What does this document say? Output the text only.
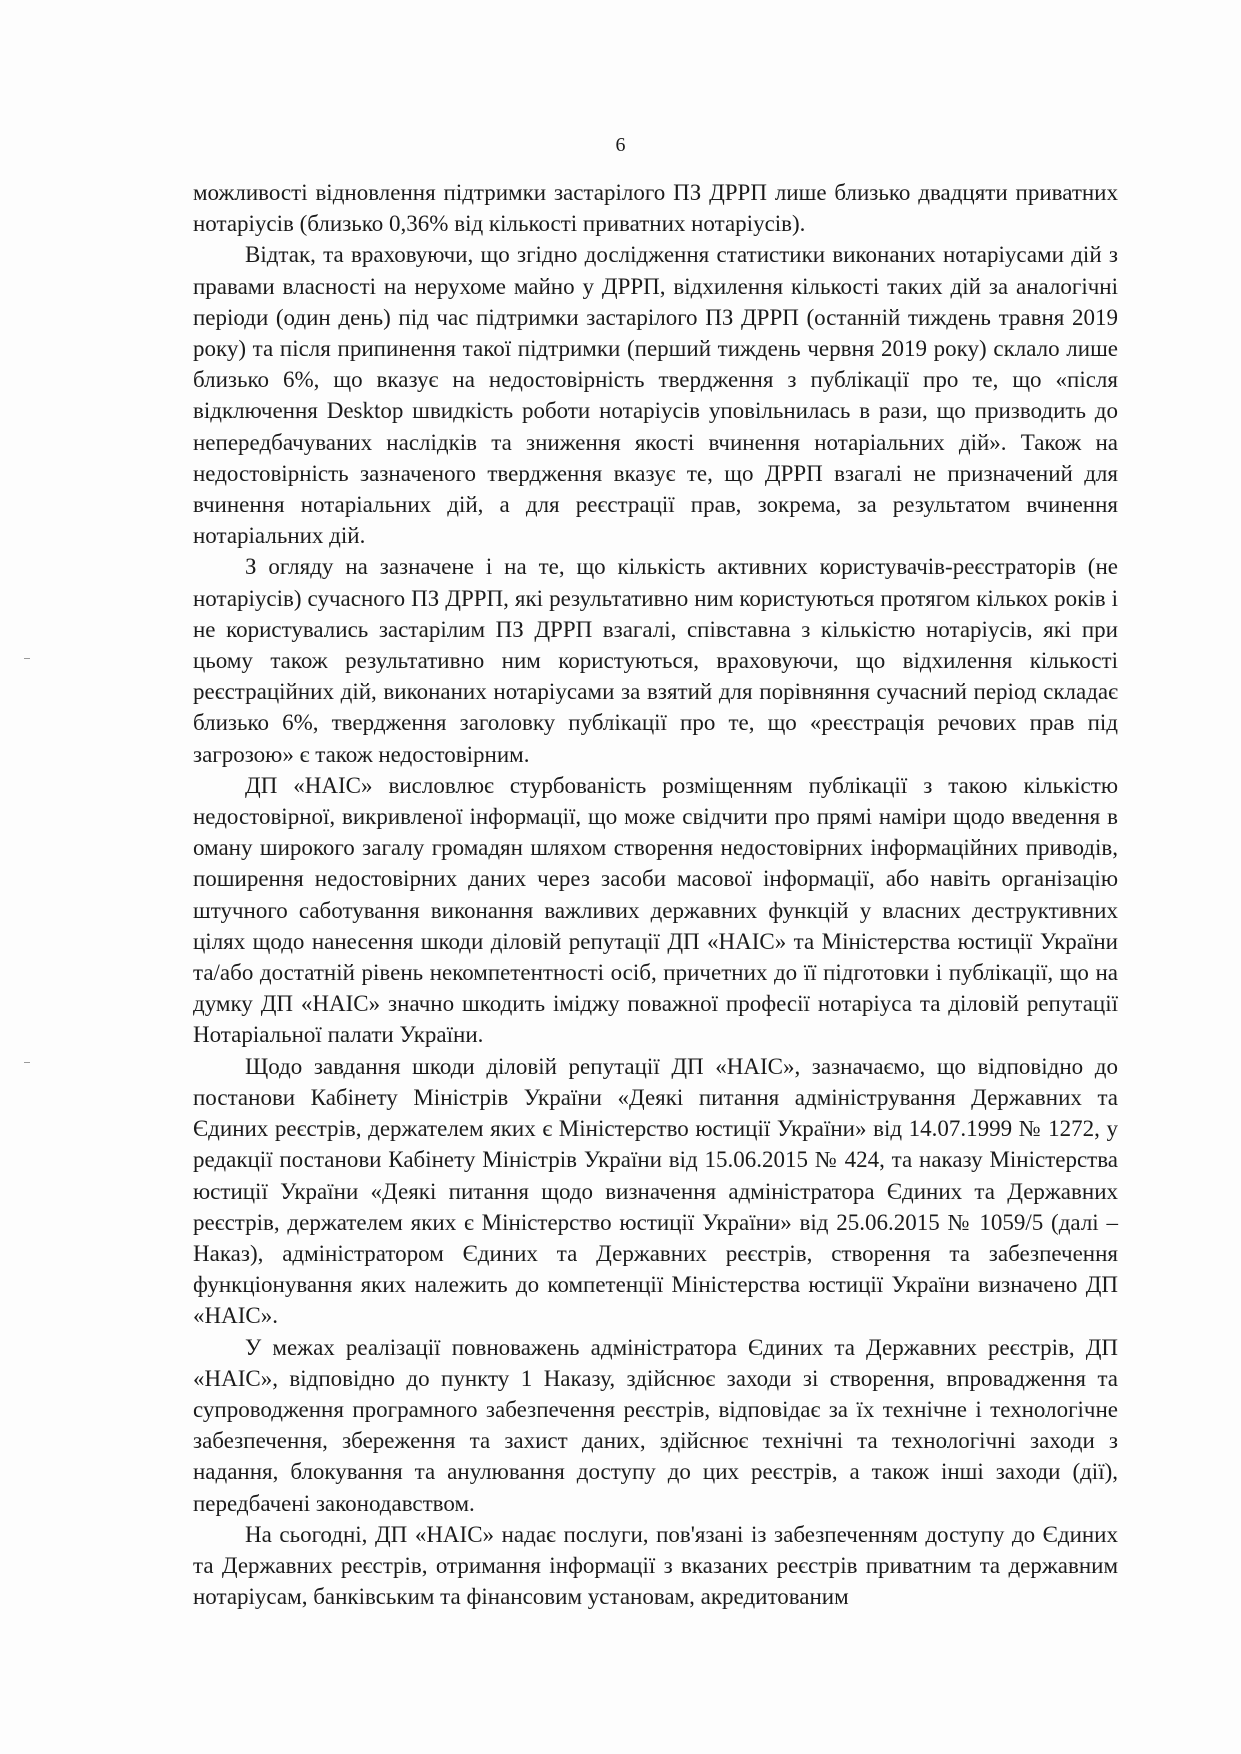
6

можливості відновлення підтримки застарілого ПЗ ДРРП лише близько двадцяти приватних нотаріусів (близько 0,36% від кількості приватних нотаріусів).

Відтак, та враховуючи, що згідно дослідження статистики виконаних нотаріусами дій з правами власності на нерухоме майно у ДРРП, відхилення кількості таких дій за аналогічні періоди (один день) під час підтримки застарілого ПЗ ДРРП (останній тиждень травня 2019 року) та після припинення такої підтримки (перший тиждень червня 2019 року) склало лише близько 6%, що вказує на недостовірність твердження з публікації про те, що «після відключення Desktop швидкість роботи нотаріусів уповільнилась в рази, що призводить до непередбачуваних наслідків та зниження якості вчинення нотаріальних дій». Також на недостовірність зазначеного твердження вказує те, що ДРРП взагалі не призначений для вчинення нотаріальних дій, а для реєстрації прав, зокрема, за результатом вчинення нотаріальних дій.

З огляду на зазначене і на те, що кількість активних користувачів-реєстраторів (не нотаріусів) сучасного ПЗ ДРРП, які результативно ним користуються протягом кількох років і не користувались застарілим ПЗ ДРРП взагалі, співставна з кількістю нотаріусів, які при цьому також результативно ним користуються, враховуючи, що відхилення кількості реєстраційних дій, виконаних нотаріусами за взятий для порівняння сучасний період складає близько 6%, твердження заголовку публікації про те, що «реєстрація речових прав під загрозою» є також недостовірним.

ДП «НАІС» висловлює стурбованість розміщенням публікації з такою кількістю недостовірної, викривленої інформації, що може свідчити про прямі наміри щодо введення в оману широкого загалу громадян шляхом створення недостовірних інформаційних приводів, поширення недостовірних даних через засоби масової інформації, або навіть організацію штучного саботування виконання важливих державних функцій у власних деструктивних цілях щодо нанесення шкоди діловій репутації ДП «НАІС» та Міністерства юстиції України та/або достатній рівень некомпетентності осіб, причетних до її підготовки і публікації, що на думку ДП «НАІС» значно шкодить іміджу поважної професії нотаріуса та діловій репутації Нотаріальної палати України.

Щодо завдання шкоди діловій репутації ДП «НАІС», зазначаємо, що відповідно до постанови Кабінету Міністрів України «Деякі питання адміністрування Державних та Єдиних реєстрів, держателем яких є Міністерство юстиції України» від 14.07.1999 № 1272, у редакції постанови Кабінету Міністрів України від 15.06.2015 № 424, та наказу Міністерства юстиції України «Деякі питання щодо визначення адміністратора Єдиних та Державних реєстрів, держателем яких є Міністерство юстиції України» від 25.06.2015 № 1059/5 (далі – Наказ), адміністратором Єдиних та Державних реєстрів, створення та забезпечення функціонування яких належить до компетенції Міністерства юстиції України визначено ДП «НАІС».

У межах реалізації повноважень адміністратора Єдиних та Державних реєстрів, ДП «НАІС», відповідно до пункту 1 Наказу, здійснює заходи зі створення, впровадження та супроводження програмного забезпечення реєстрів, відповідає за їх технічне і технологічне забезпечення, збереження та захист даних, здійснює технічні та технологічні заходи з надання, блокування та анулювання доступу до цих реєстрів, а також інші заходи (дії), передбачені законодавством.

На сьогодні, ДП «НАІС» надає послуги, пов'язані із забезпеченням доступу до Єдиних та Державних реєстрів, отримання інформації з вказаних реєстрів приватним та державним нотаріусам, банківським та фінансовим установам, акредитованим
